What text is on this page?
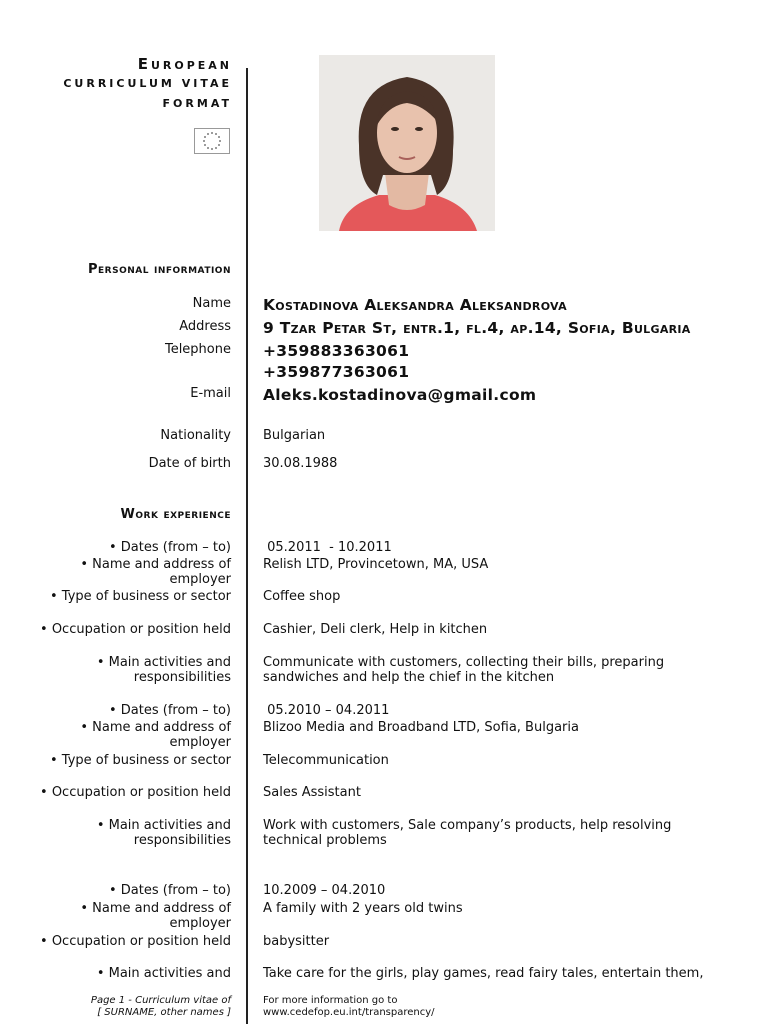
European
CURRICULUM VITAE
FORMAT
Personal information
Name Kostadinova Aleksandra Aleksandrova
Address 9 Tzar Petar St, entr.1, fl.4, ap.14, Sofia, Bulgaria
Telephone +359883363061
+359877363061
E-mail Aleks.kostadinova@gmail.com
Nationality Bulgarian
Date of birth 30.08.1988
Work experience
• Dates (from – to) 05.2011  - 10.2011
• Name and address of employer
Relish LTD, Provincetown, MA, USA
• Type of business or sector Coffee shop
• Occupation or position held Cashier, Deli clerk, Help in kitchen
• Main activities and responsibilities
Communicate with customers, collecting their bills, preparing sandwiches and help the chief in the kitchen
• Dates (from – to) 05.2010 – 04.2011
• Name and address of employer
Blizoo Media and Broadband LTD, Sofia, Bulgaria
• Type of business or sector Telecommunication
• Occupation or position held Sales Assistant
• Main activities and responsibilities
Work with customers, Sale company’s products, help resolving technical problems
• Dates (from – to) 10.2009 – 04.2010
• Name and address of employer
A family with 2 years old twins
• Occupation or position held babysitter
• Main activities and Take care for the girls, play games, read fairy tales, entertain them,
Page 1 - Curriculum vitae of
[ SURNAME, other names ]
For more information go to
www.cedefop.eu.int/transparency/
